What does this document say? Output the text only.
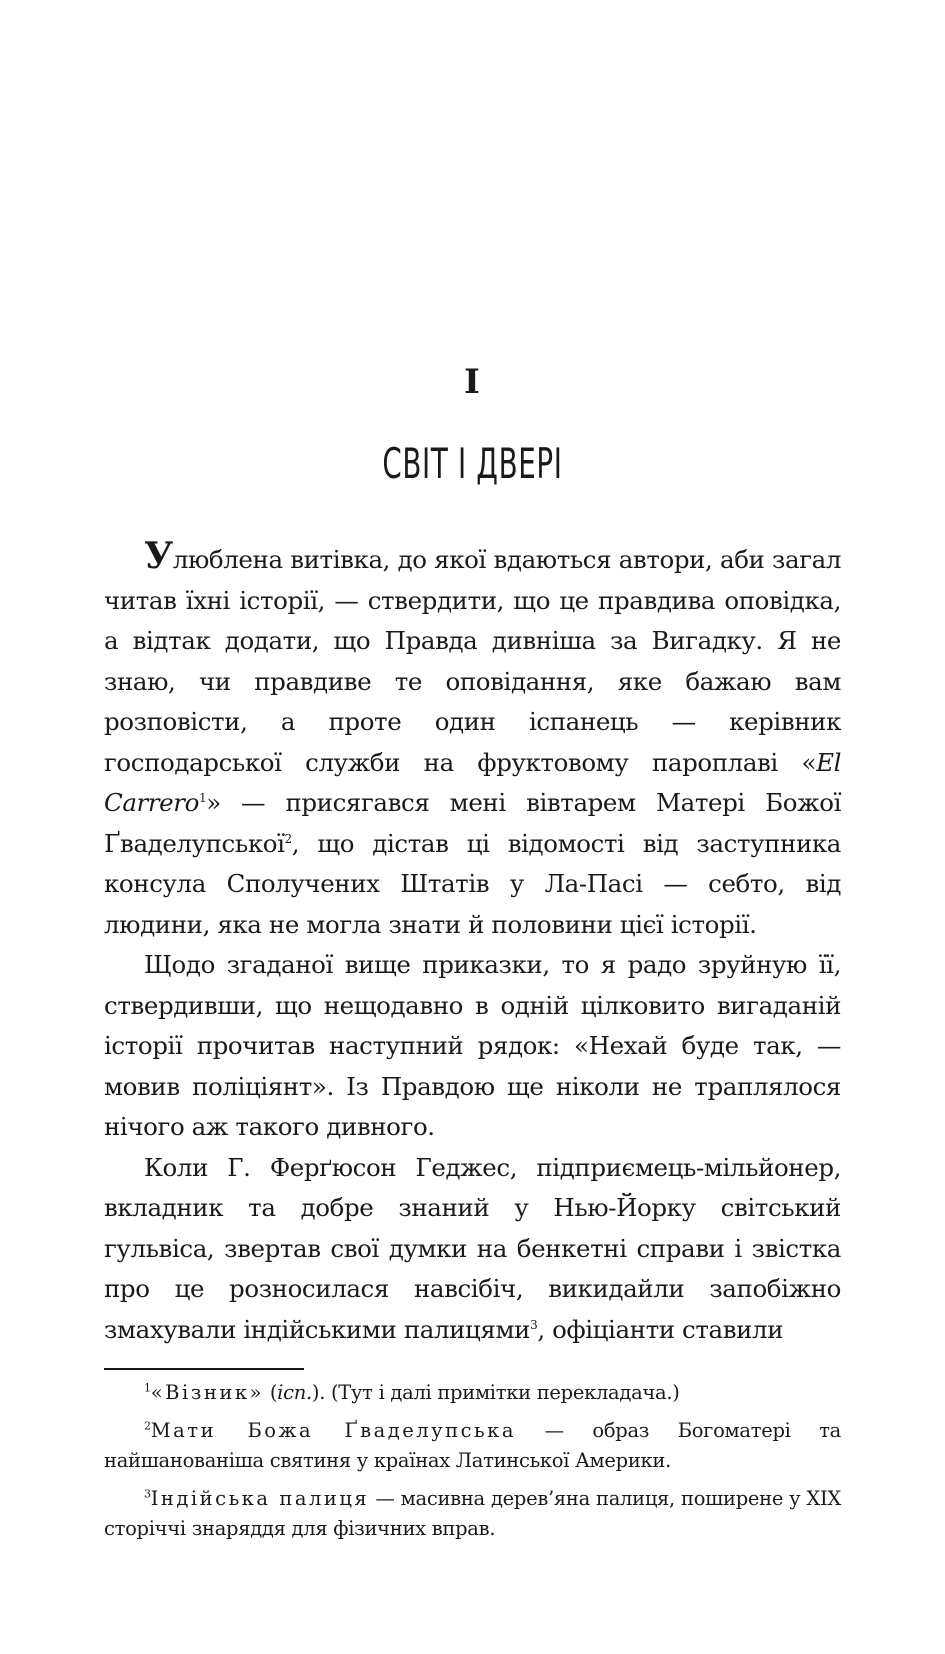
I
СВІТ І ДВЕРІ

Улюблена витівка, до якої вдаються автори, аби загал читав їхні історії, — ствердити, що це правдива оповідка, а відтак додати, що Правда дивніша за Вигадку. Я не знаю, чи правдиве те оповідання, яке бажаю вам розповісти, а проте один іспанець — керівник господарської служби на фруктовому пароплаві «El Carrero$^1$» — присягався мені вівтарем Матері Божої Ґваделупської$^2$, що дістав ці відомості від заступника консула Сполучених Штатів у Ла-Пасі — себто, від людини, яка не могла знати й половини цієї історії.

Щодо згаданої вище приказки, то я радо зруйную її, ствердивши, що нещодавно в одній цілковито вигаданій історії прочитав наступний рядок: «Нехай буде так, — мовив поліціянт». Із Правдою ще ніколи не траплялося нічого аж такого дивного.

Коли Г. Ферґюсон Геджес, підприємець-мільйонер, вкладник та добре знаний у Нью-Йорку світський гульвіса, звертав свої думки на бенкетні справи і звістка про це розносилася навсібіч, викидайли запобіжно змахували індійськими палицями$^3$, офіціанти ставили

$^1$«Візник» (ісп.). (Тут і далі примітки перекладача.)

$^2$Мати Божа Ґваделупська — образ Богоматері та найшанованіша святиня у країнах Латинської Америки.

$^3$Індійська палиця — масивна дерев’яна палиця, поширене у XIX сторіччі знаряддя для фізичних вправ.
